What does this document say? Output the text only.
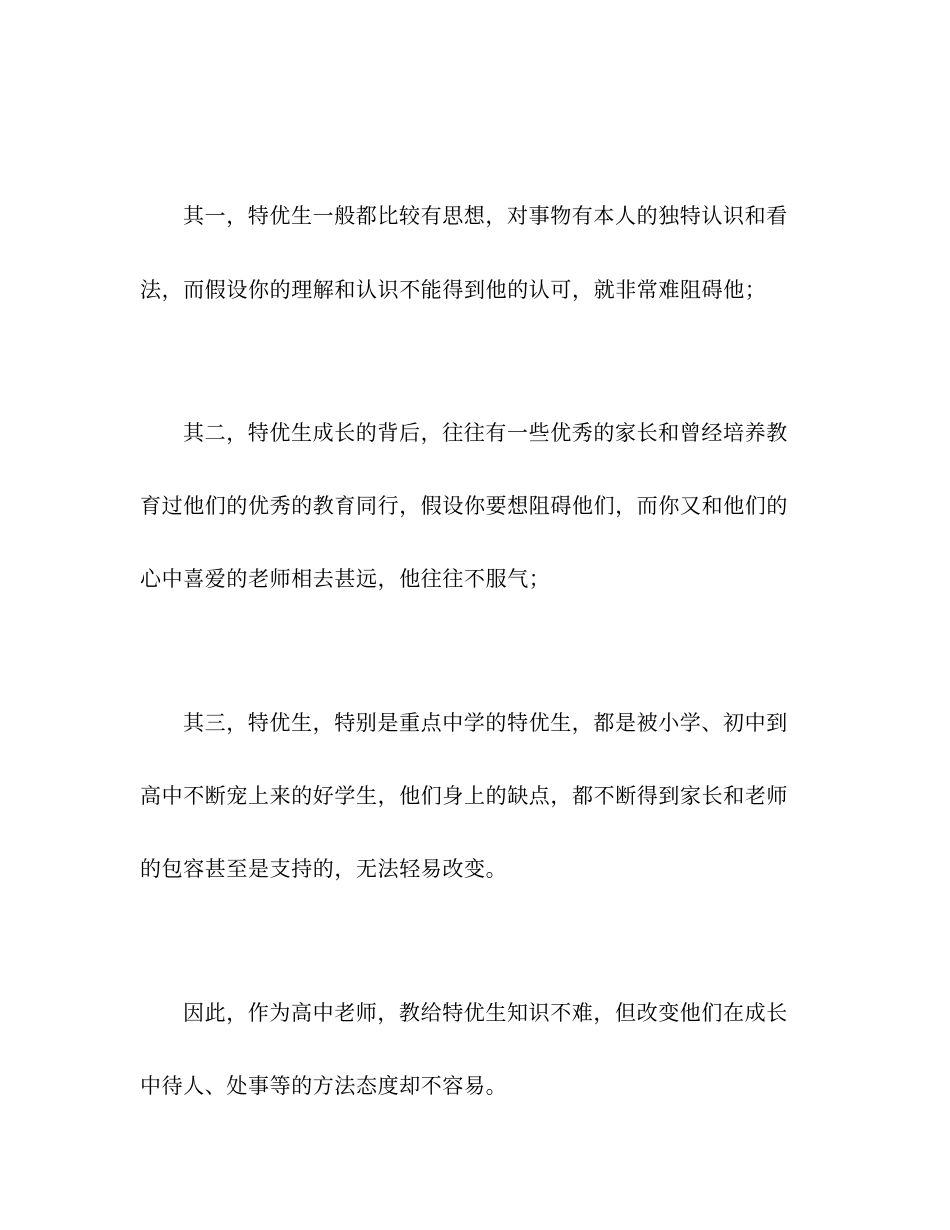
其一，特优生一般都比较有思想，对事物有本人的独特认识和看
法，而假设你的理解和认识不能得到他的认可，就非常难阻碍他；
其二，特优生成长的背后，往往有一些优秀的家长和曾经培养教
育过他们的优秀的教育同行，假设你要想阻碍他们，而你又和他们的
心中喜爱的老师相去甚远，他往往不服气；
其三，特优生，特别是重点中学的特优生，都是被小学、初中到
高中不断宠上来的好学生，他们身上的缺点，都不断得到家长和老师
的包容甚至是支持的，无法轻易改变。
因此，作为高中老师，教给特优生知识不难，但改变他们在成长
中待人、处事等的方法态度却不容易。
